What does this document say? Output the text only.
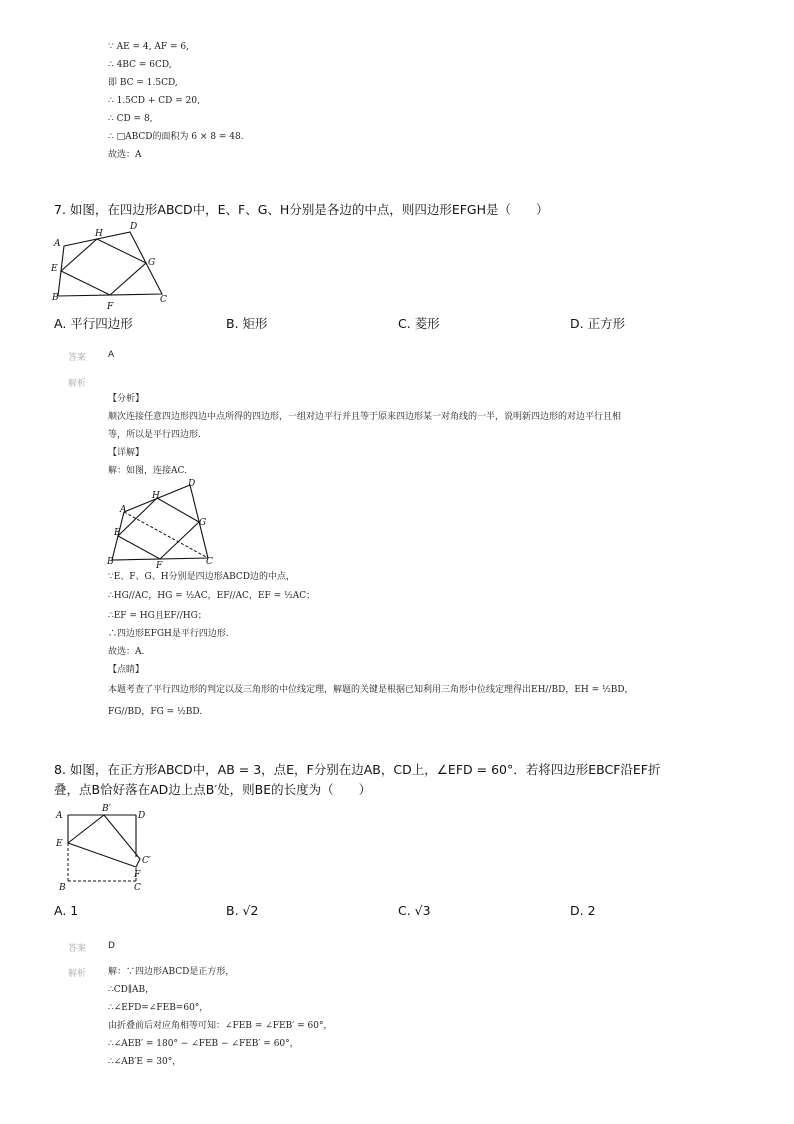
∵ AE = 4, AF = 6,
∴ 4BC = 6CD,
即 BC = 1.5CD,
∴ 1.5CD + CD = 20,
∴ CD = 8,
∴ □ABCD的面积为 6 × 8 = 48.
故选：A
7. 如图，在四边形ABCD中，E、F、G、H分别是各边的中点，则四边形EFGH是（　　）
A
H
D
E
G
B
F
C
A. 平行四边形	B. 矩形	C. 菱形	D. 正方形
答案 A
解析
【分析】
顺次连接任意四边形四边中点所得的四边形，一组对边平行并且等于原来四边形某一对角线的一半，说明新四边形的对边平行且相
等，所以是平行四边形.
【详解】
解：如图，连接AC.
A
H
D
E
G
B	F	C
∵E、F、G、H分别是四边形ABCD边的中点，
∴HG//AC，HG = ½AC，EF//AC，EF = ½AC；
∴EF = HG且EF//HG；
∴四边形EFGH是平行四边形.
故选：A.
【点睛】
本题考查了平行四边形的判定以及三角形的中位线定理，解题的关键是根据已知利用三角形中位线定理得出EH//BD，EH = ½BD，
FG//BD，FG = ½BD.
8. 如图，在正方形ABCD中，AB = 3，点E，F分别在边AB，CD上，∠EFD = 60°．若将四边形EBCF沿EF折
叠，点B恰好落在AD边上点B′处，则BE的长度为（　　）
A
B′
D
E
C′
F
B	C
A. 1	B. √2	C. √3	D. 2
答案 D
解析 解：∵四边形ABCD是正方形，
∴CD∥AB，
∴∠EFD=∠FEB=60°，
由折叠前后对应角相等可知：∠FEB = ∠FEB′ = 60°，
∴∠AEB′ = 180° − ∠FEB − ∠FEB′ = 60°，
∴∠AB′E = 30°，
